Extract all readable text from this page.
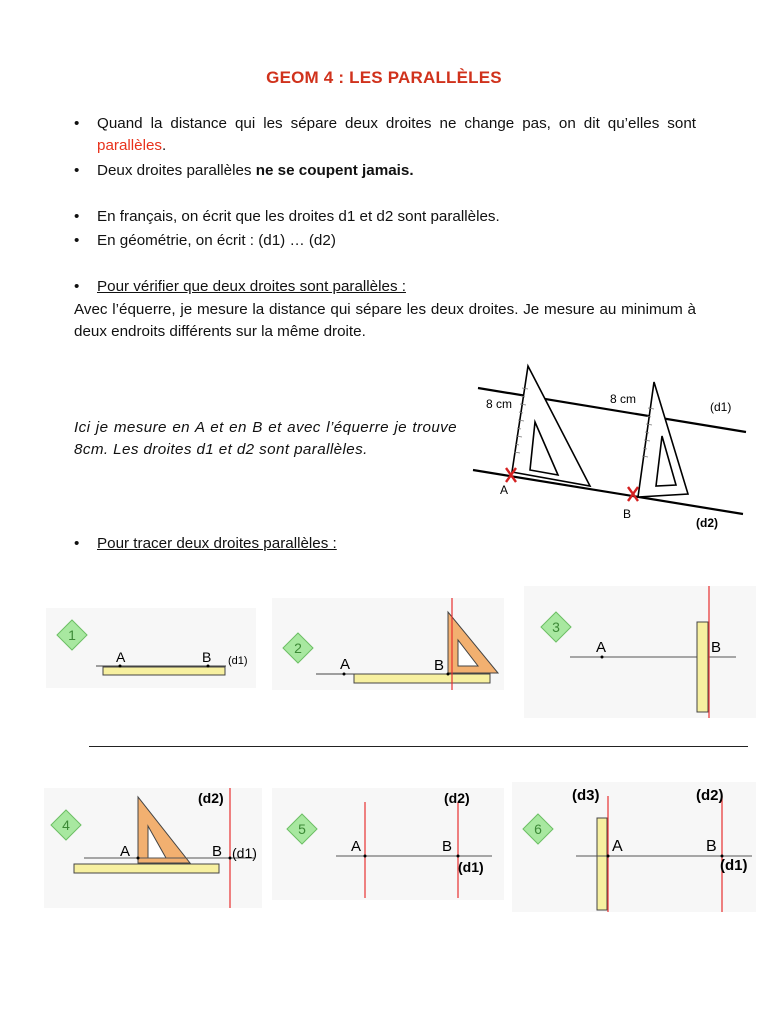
GEOM 4 : LES PARALLÈLES
•	Quand la distance qui les sépare deux droites ne change pas, on dit qu’elles sont parallèles.
•	Deux droites parallèles ne se coupent jamais.
•	En français, on écrit que les droites d1 et d2 sont parallèles.
•	En géométrie, on écrit : (d1) … (d2)
•	Pour vérifier que deux droites sont parallèles :
Avec l’équerre, je mesure la distance qui sépare les deux droites. Je mesure au minimum à deux endroits différents sur la même droite.
Ici je mesure en A et en B et avec l’équerre je trouve 8cm. Les droites d1 et d2 sont parallèles.
8 cm	8 cm
(d1)
(d2)
A
B
•	Pour tracer deux droites parallèles :
1
A	B (d1)
2
A	B
3
A	B
4
A	B (d1)
(d2)
5
A	B
(d1)
(d2)
6
A	B
(d1)
(d2)
(d3)
